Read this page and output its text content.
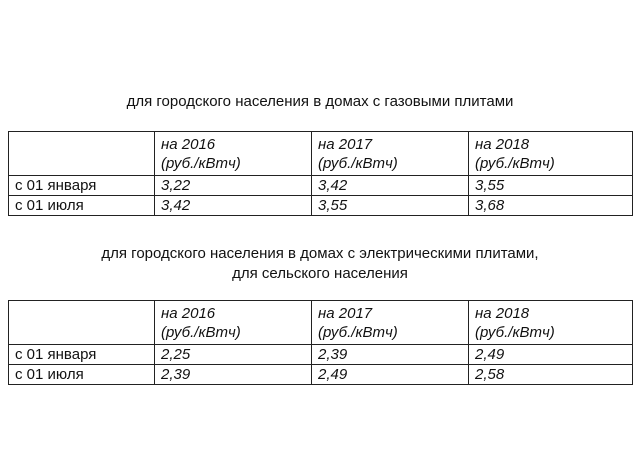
для городского населения в домах с газовыми плитами

	на 2016
(руб./кВтч)	на 2017
(руб./кВтч)	на 2018
(руб./кВтч)

с 01 января	3,22	3,42	3,55
с 01 июля	3,42	3,55	3,68
для городского населения в домах с электрическими плитами,
для сельского населения

	на 2016
(руб./кВтч)	на 2017
(руб./кВтч)	на 2018
(руб./кВтч)

с 01 января	2,25	2,39	2,49
с 01 июля	2,39	2,49	2,58
